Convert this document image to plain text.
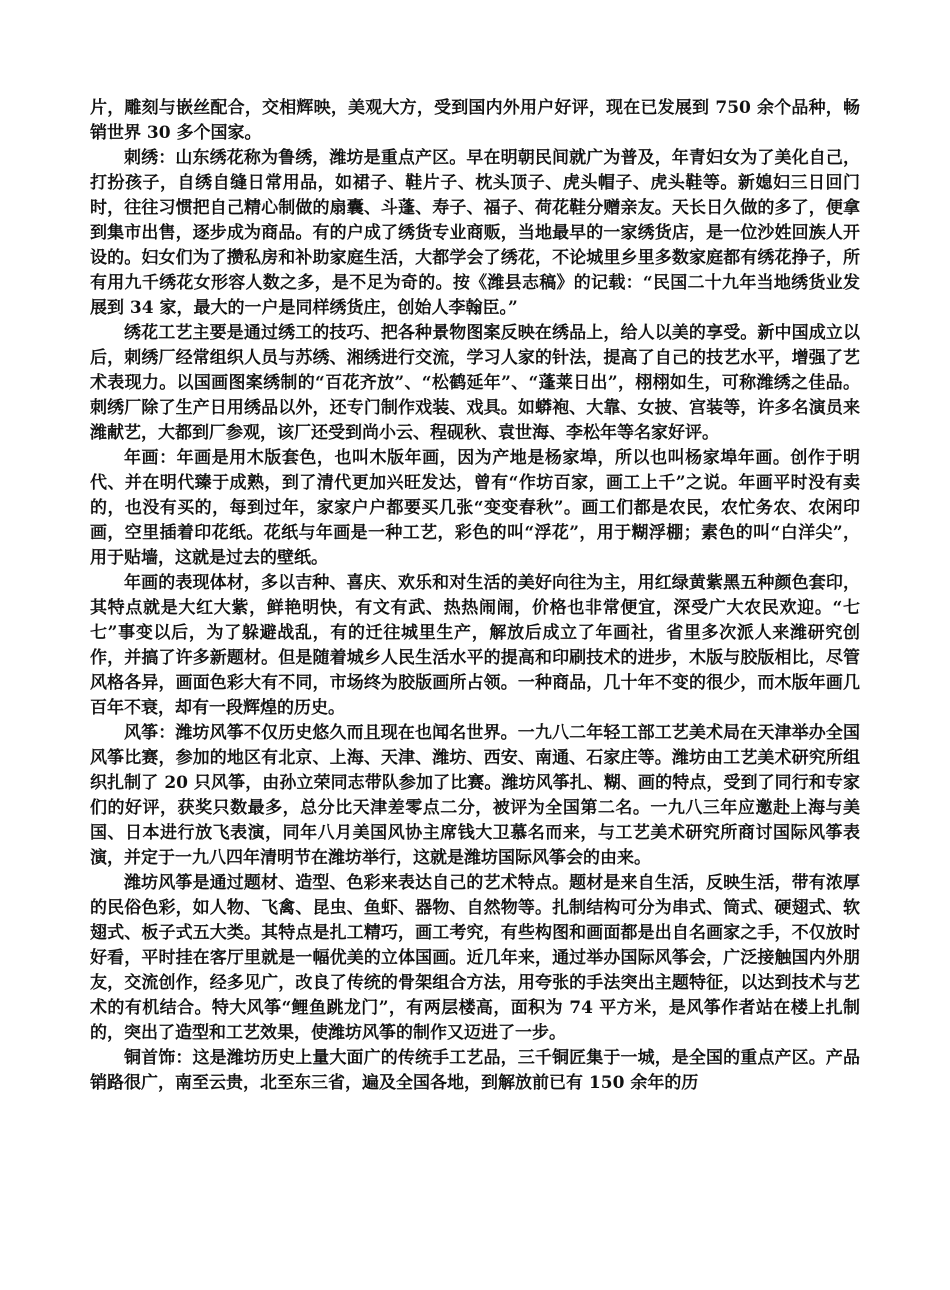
片，雕刻与嵌丝配合，交相辉映，美观大方，受到国内外用户好评，现在已发展到 750 余个品种，畅销世界 30 多个国家。

刺绣：山东绣花称为鲁绣，潍坊是重点产区。早在明朝民间就广为普及，年青妇女为了美化自己，打扮孩子，自绣自缝日常用品，如裙子、鞋片子、枕头顶子、虎头帽子、虎头鞋等。新媳妇三日回门时，往往习惯把自己精心制做的扇囊、斗蓬、寿子、福子、荷花鞋分赠亲友。天长日久做的多了，便拿到集市出售，逐步成为商品。有的户成了绣货专业商贩，当地最早的一家绣货店，是一位沙姓回族人开设的。妇女们为了攒私房和补助家庭生活，大都学会了绣花，不论城里乡里多数家庭都有绣花挣子，所有用九千绣花女形容人数之多，是不足为奇的。按《潍县志稿》的记载：“民国二十九年当地绣货业发展到 34 家，最大的一户是同样绣货庄，创始人李翰臣。”

绣花工艺主要是通过绣工的技巧、把各种景物图案反映在绣品上，给人以美的享受。新中国成立以后，刺绣厂经常组织人员与苏绣、湘绣进行交流，学习人家的针法，提高了自己的技艺水平，增强了艺术表现力。以国画图案绣制的“百花齐放”、“松鹤延年”、“蓬莱日出”，栩栩如生，可称潍绣之佳品。刺绣厂除了生产日用绣品以外，还专门制作戏装、戏具。如蟒袍、大靠、女披、宫装等，许多名演员来潍献艺，大都到厂参观，该厂还受到尚小云、程砚秋、袁世海、李松年等名家好评。

年画：年画是用木版套色，也叫木版年画，因为产地是杨家埠，所以也叫杨家埠年画。创作于明代、并在明代臻于成熟，到了清代更加兴旺发达，曾有“作坊百家，画工上千”之说。年画平时没有卖的，也没有买的，每到过年，家家户户都要买几张“变变春秋”。画工们都是农民，农忙务农、农闲印画，空里插着印花纸。花纸与年画是一种工艺，彩色的叫“浮花”，用于糊浮棚；素色的叫“白洋尖”，用于贴墙，这就是过去的壁纸。

年画的表现体材，多以吉种、喜庆、欢乐和对生活的美好向往为主，用红绿黄紫黑五种颜色套印，其特点就是大红大紫，鲜艳明快，有文有武、热热闹闹，价格也非常便宜，深受广大农民欢迎。“七七”事变以后，为了躲避战乱，有的迁往城里生产，解放后成立了年画社，省里多次派人来潍研究创作，并搞了许多新题材。但是随着城乡人民生活水平的提高和印刷技术的进步，木版与胶版相比，尽管风格各异，画面色彩大有不同，市场终为胶版画所占领。一种商品，几十年不变的很少，而木版年画几百年不衰，却有一段辉煌的历史。

风筝：潍坊风筝不仅历史悠久而且现在也闻名世界。一九八二年轻工部工艺美术局在天津举办全国风筝比赛，参加的地区有北京、上海、天津、潍坊、西安、南通、石家庄等。潍坊由工艺美术研究所组织扎制了 20 只风筝，由孙立荣同志带队参加了比赛。潍坊风筝扎、糊、画的特点，受到了同行和专家们的好评，获奖只数最多，总分比天津差零点二分，被评为全国第二名。一九八三年应邀赴上海与美国、日本进行放飞表演，同年八月美国风协主席钱大卫慕名而来，与工艺美术研究所商讨国际风筝表演，并定于一九八四年清明节在潍坊举行，这就是潍坊国际风筝会的由来。

潍坊风筝是通过题材、造型、色彩来表达自己的艺术特点。题材是来自生活，反映生活，带有浓厚的民俗色彩，如人物、飞禽、昆虫、鱼虾、器物、自然物等。扎制结构可分为串式、筒式、硬翅式、软翅式、板子式五大类。其特点是扎工精巧，画工考究，有些构图和画面都是出自名画家之手，不仅放时好看，平时挂在客厅里就是一幅优美的立体国画。近几年来，通过举办国际风筝会，广泛接触国内外朋友，交流创作，经多见广，改良了传统的骨架组合方法，用夸张的手法突出主题特征，以达到技术与艺术的有机结合。特大风筝“鲤鱼跳龙门”，有两层楼高，面积为 74 平方米，是风筝作者站在楼上扎制的，突出了造型和工艺效果，使潍坊风筝的制作又迈进了一步。

铜首饰：这是潍坊历史上量大面广的传统手工艺品，三千铜匠集于一城，是全国的重点产区。产品销路很广，南至云贵，北至东三省，遍及全国各地，到解放前已有 150 余年的历
